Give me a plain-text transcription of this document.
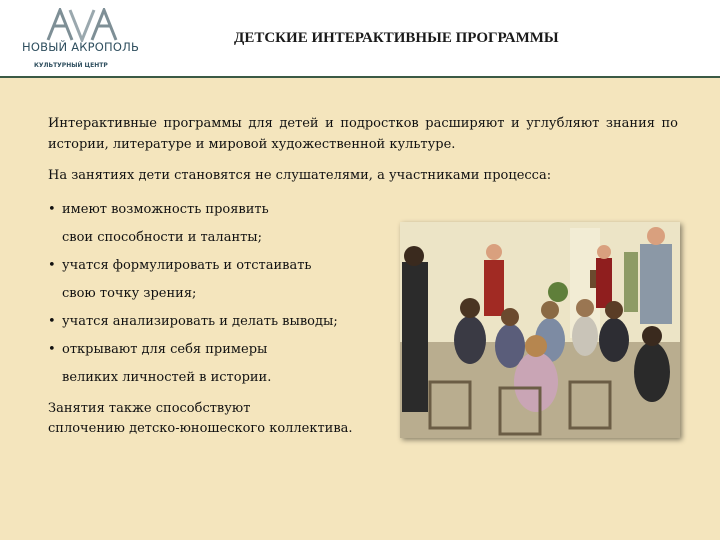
НОВЫЙ АКРОПОЛЬ
КУЛЬТУРНЫЙ ЦЕНТР
ДЕТСКИЕ ИНТЕРАКТИВНЫЕ ПРОГРАММЫ

Интерактивные программы для детей и подростков расширяют и углубляют знания по истории, литературе и мировой художественной культуре.

На занятиях дети становятся не слушателями, а участниками процесса:

• имеют возможность проявить
свои способности и таланты;
• учатся формулировать и отстаивать
свою точку зрения;
• учатся анализировать и делать выводы;
• открывают для себя примеры
великих личностей в истории.

Занятия также способствуют
сплочению детско-юношеского коллектива.
